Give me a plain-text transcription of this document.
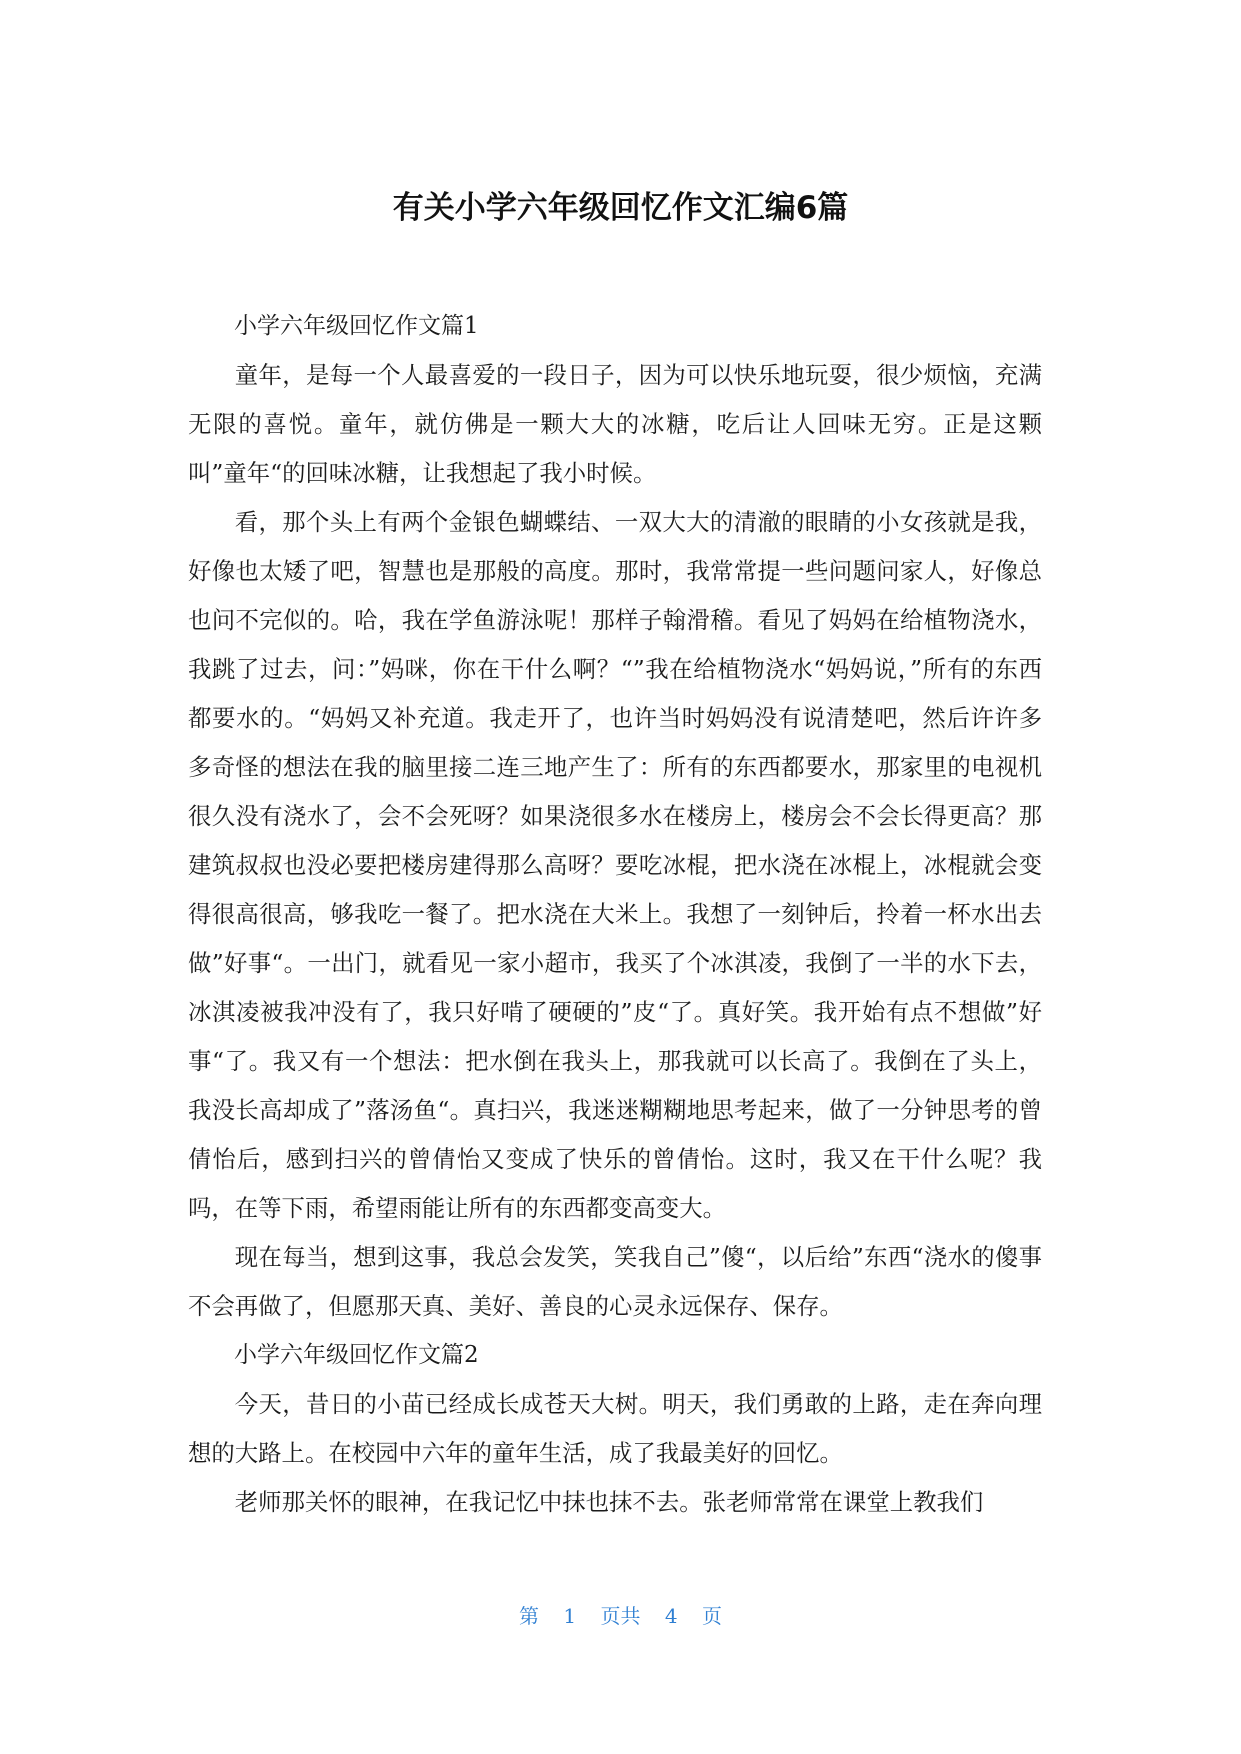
有关小学六年级回忆作文汇编6篇
小学六年级回忆作文篇1

童年，是每一个人最喜爱的一段日子，因为可以快乐地玩耍，很少烦恼，充满无限的喜悦。童年，就仿佛是一颗大大的冰糖，吃后让人回味无穷。正是这颗叫”童年“的回味冰糖，让我想起了我小时候。

看，那个头上有两个金银色蝴蝶结、一双大大的清澈的眼睛的小女孩就是我，好像也太矮了吧，智慧也是那般的高度。那时，我常常提一些问题问家人，好像总也问不完似的。哈，我在学鱼游泳呢！那样子翰滑稽。看见了妈妈在给植物浇水，我跳了过去，问：”妈咪，你在干什么啊？“”我在给植物浇水“妈妈说，”所有的东西都要水的。“妈妈又补充道。我走开了，也许当时妈妈没有说清楚吧，然后许许多多奇怪的想法在我的脑里接二连三地产生了：所有的东西都要水，那家里的电视机很久没有浇水了，会不会死呀？如果浇很多水在楼房上，楼房会不会长得更高？那建筑叔叔也没必要把楼房建得那么高呀？要吃冰棍，把水浇在冰棍上，冰棍就会变得很高很高，够我吃一餐了。把水浇在大米上。我想了一刻钟后，拎着一杯水出去做”好事“。一出门，就看见一家小超市，我买了个冰淇凌，我倒了一半的水下去，冰淇凌被我冲没有了，我只好啃了硬硬的”皮“了。真好笑。我开始有点不想做”好事“了。我又有一个想法：把水倒在我头上，那我就可以长高了。我倒在了头上，我没长高却成了”落汤鱼“。真扫兴，我迷迷糊糊地思考起来，做了一分钟思考的曾倩怡后，感到扫兴的曾倩怡又变成了快乐的曾倩怡。这时，我又在干什么呢？我吗，在等下雨，希望雨能让所有的东西都变高变大。

现在每当，想到这事，我总会发笑，笑我自己”傻“，以后给”东西“浇水的傻事不会再做了，但愿那天真、美好、善良的心灵永远保存、保存。

小学六年级回忆作文篇2

今天，昔日的小苗已经成长成苍天大树。明天，我们勇敢的上路，走在奔向理想的大路上。在校园中六年的童年生活，成了我最美好的回忆。

老师那关怀的眼神，在我记忆中抹也抹不去。张老师常常在课堂上教我们

第 1 页共 4 页
